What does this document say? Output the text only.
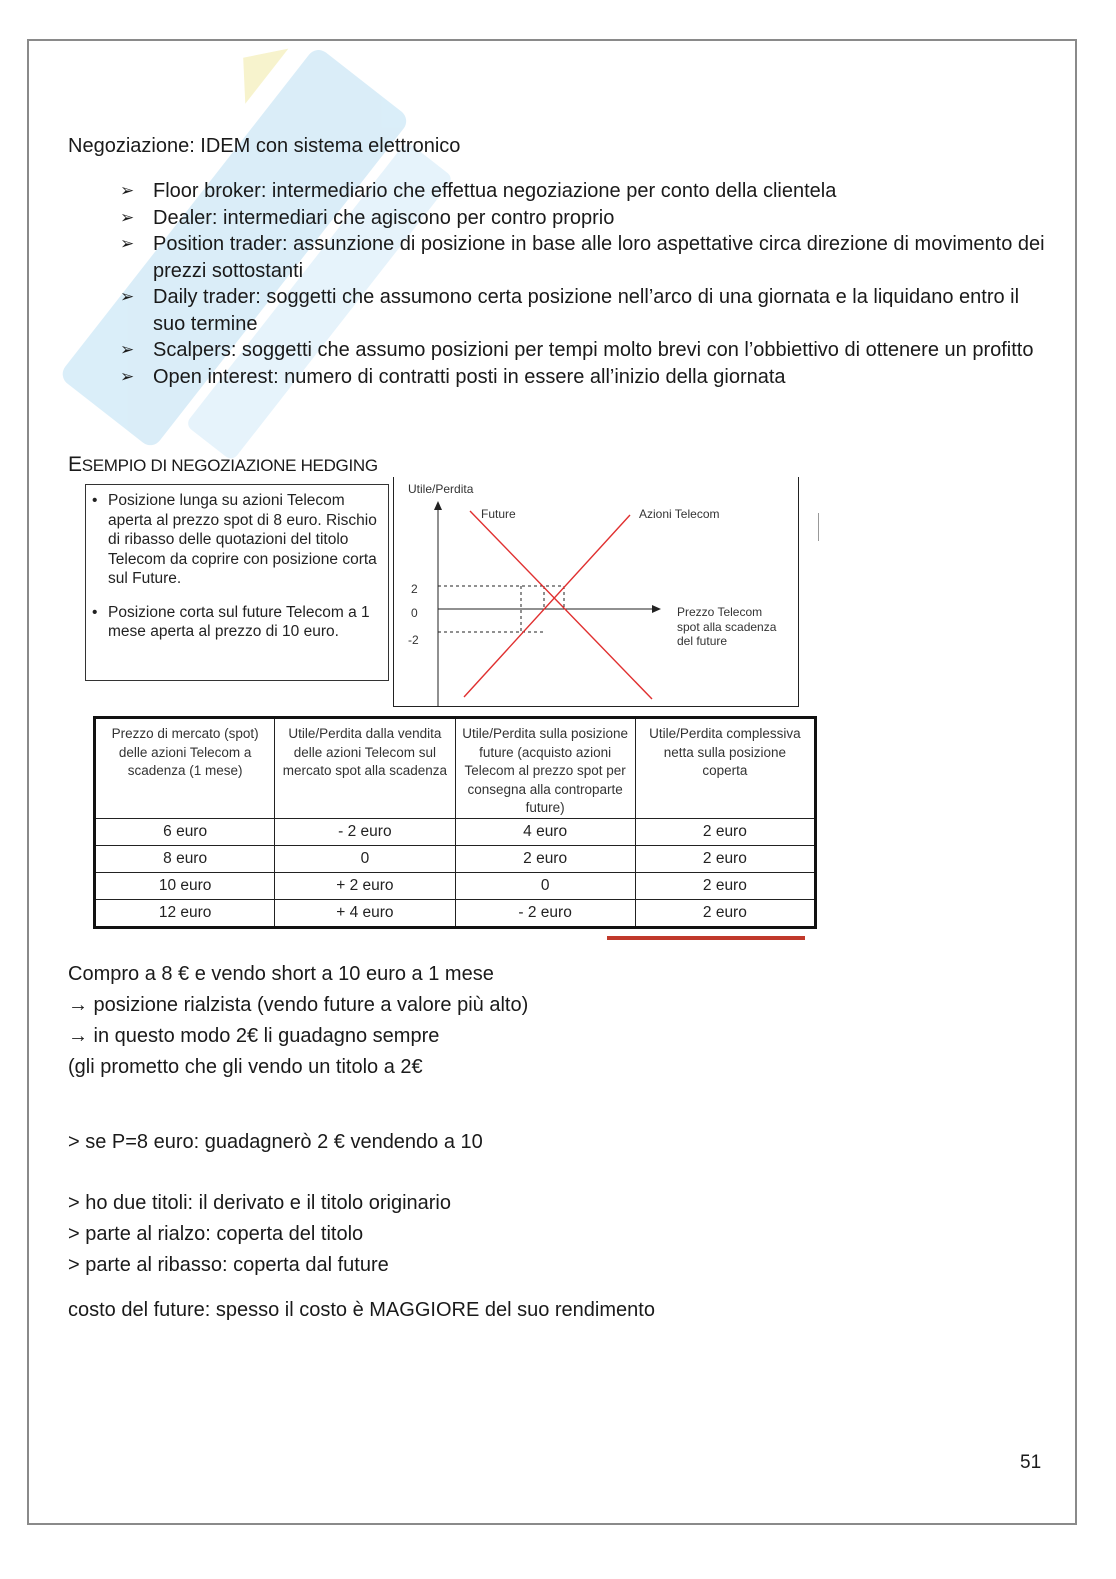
Negoziazione: IDEM con sistema elettronico
➢ Floor broker: intermediario che effettua negoziazione per conto della clientela
➢ Dealer: intermediari che agiscono per contro proprio
➢ Position trader: assunzione di posizione in base alle loro aspettative circa direzione di movimento dei prezzi sottostanti
➢ Daily trader: soggetti che assumono certa posizione nell’arco di una giornata e la liquidano entro il suo termine
➢ Scalpers: soggetti che assumo posizioni per tempi molto brevi con l’obbiettivo di ottenere un profitto
➢ Open interest: numero di contratti posti in essere all’inizio della giornata
ESEMPIO DI NEGOZIAZIONE HEDGING
• Posizione lunga su azioni Telecom aperta al prezzo spot di 8 euro. Rischio di ribasso delle quotazioni del titolo Telecom da coprire con posizione corta sul Future.
• Posizione corta sul future Telecom a 1 mese aperta al prezzo di 10 euro.
Utile/Perdita
2
0
-2
Future	Azioni Telecom
Prezzo Telecom
spot alla scadenza
del future
Prezzo di mercato (spot) delle azioni Telecom a scadenza (1 mese)	Utile/Perdita dalla vendita delle azioni Telecom sul mercato spot alla scadenza	Utile/Perdita sulla posizione future (acquisto azioni Telecom al prezzo spot per consegna alla controparte future)	Utile/Perdita complessiva netta sulla posizione coperta
6 euro	- 2 euro	4 euro	2 euro
8 euro	0	2 euro	2 euro
10 euro	+ 2 euro	0	2 euro
12 euro	+ 4 euro	- 2 euro	2 euro
Compro a 8 € e vendo short a 10 euro a 1 mese
→ posizione rialzista (vendo future a valore più alto)
→ in questo modo 2€ li guadagno sempre
(gli prometto che gli vendo un titolo a 2€
> se P=8 euro: guadagnerò 2 € vendendo a 10
> ho due titoli: il derivato e il titolo originario
> parte al rialzo: coperta del titolo
> parte al ribasso: coperta dal future
costo del future: spesso il costo è MAGGIORE del suo rendimento
51
